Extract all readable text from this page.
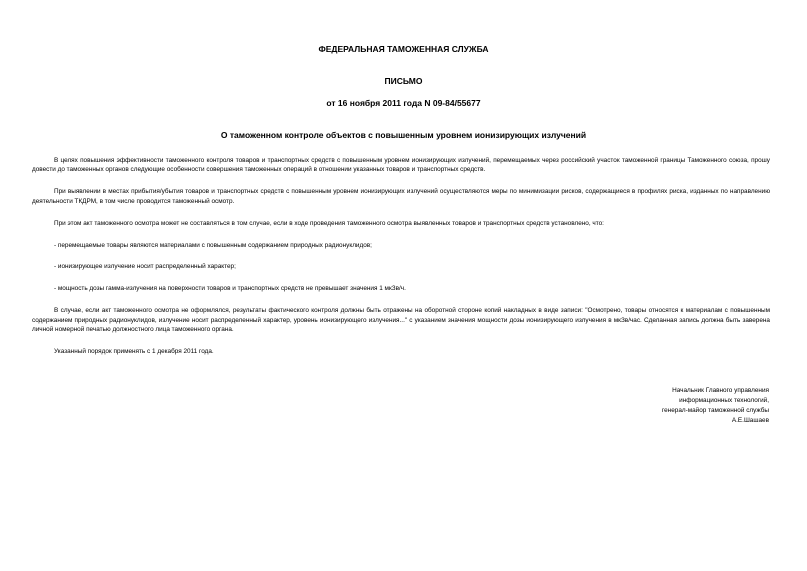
ФЕДЕРАЛЬНАЯ ТАМОЖЕННАЯ СЛУЖБА
ПИСЬМО
от 16 ноября 2011 года N 09-84/55677
О таможенном контроле объектов с повышенным уровнем ионизирующих излучений

В целях повышения эффективности таможенного контроля товаров и транспортных средств с повышенным уровнем ионизирующих излучений, перемещаемых через российский участок таможенной границы Таможенного союза, прошу довести до таможенных органов следующие особенности совершения таможенных операций в отношении указанных товаров и транспортных средств.

При выявлении в местах прибытия/убытия товаров и транспортных средств с повышенным уровнем ионизирующих излучений осуществляются меры по минимизации рисков, содержащиеся в профилях риска, изданных по направлению деятельности ТКДРМ, в том числе проводится таможенный осмотр.

При этом акт таможенного осмотра может не составляться в том случае, если в ходе проведения таможенного осмотра выявленных товаров и транспортных средств установлено, что:

- перемещаемые товары являются материалами с повышенным содержанием природных радионуклидов;

- ионизирующее излучение носит распределенный характер;

- мощность дозы гамма-излучения на поверхности товаров и транспортных средств не превышает значения 1 мкЗв/ч.

В случае, если акт таможенного осмотра не оформлялся, результаты фактического контроля должны быть отражены на оборотной стороне копий накладных в виде записи: "Осмотрено, товары относятся к материалам с повышенным содержанием природных радионуклидов, излучение носит распределенный характер, уровень ионизирующего излучения..." с указанием значения мощности дозы ионизирующего излучения в мкЗв/час. Сделанная запись должна быть заверена личной номерной печатью должностного лица таможенного органа.

Указанный порядок применять с 1 декабря 2011 года.

Начальник Главного управления
информационных технологий,
генерал-майор таможенной службы
А.Е.Шашаев
